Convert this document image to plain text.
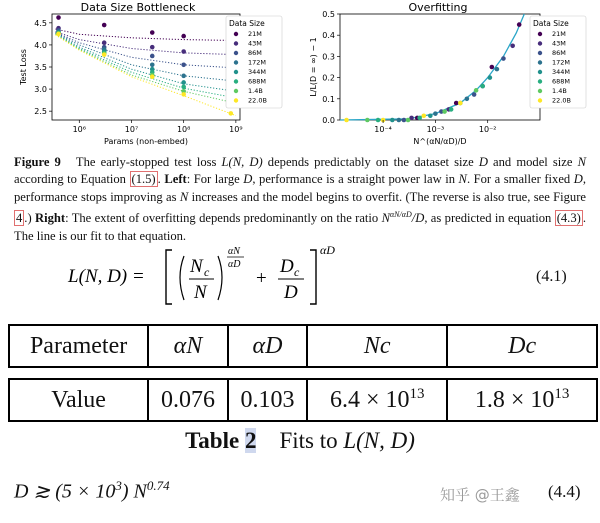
Data Size Bottleneck
10⁶	10⁷	10⁸	10⁹
2.5
3.0
3.5
4.0
4.5
Params (non-embed)
Test Loss
Data Size
21M
43M
86M
172M
344M
688M
1.4B
22.0B
Overfitting
10⁻⁴	10⁻³	10⁻²
0.0
0.1
0.2
0.3
0.4
0.5
N^(αN/αD)/D
L/L(D = ∞) − 1
Data Size
21M
43M
86M
172M
344M
688M
1.4B
22.0B
Figure 9 The early-stopped test loss L(N, D) depends predictably on the dataset size D and model size N according to Equation (1.5) . Left: For large D, performance is a straight power law in N. For a smaller fixed D, performance stops improving as N increases and the model begins to overfit. (The reverse is also true, see Figure 4 .) Right: The extent of overfitting depends predominantly on the ratio $N^{\alpha N/\alpha D}/D$, as predicted in equation (4.3) . The line is our fit to that equation.
L(N, D) = N c
N
αN
αD
+
D c
D
αD
(4.1)
Parameter	αN	αD	Nc	Dc

Value	0.076	0.103	$6.4 \times 10^{13}$	$1.8 \times 10^{13}$
Table 2 Fits to L(N, D)
D ≳ $(5 \times 10^3)$ $N^{0.74}$	(4.4)
知乎 @王鑫
